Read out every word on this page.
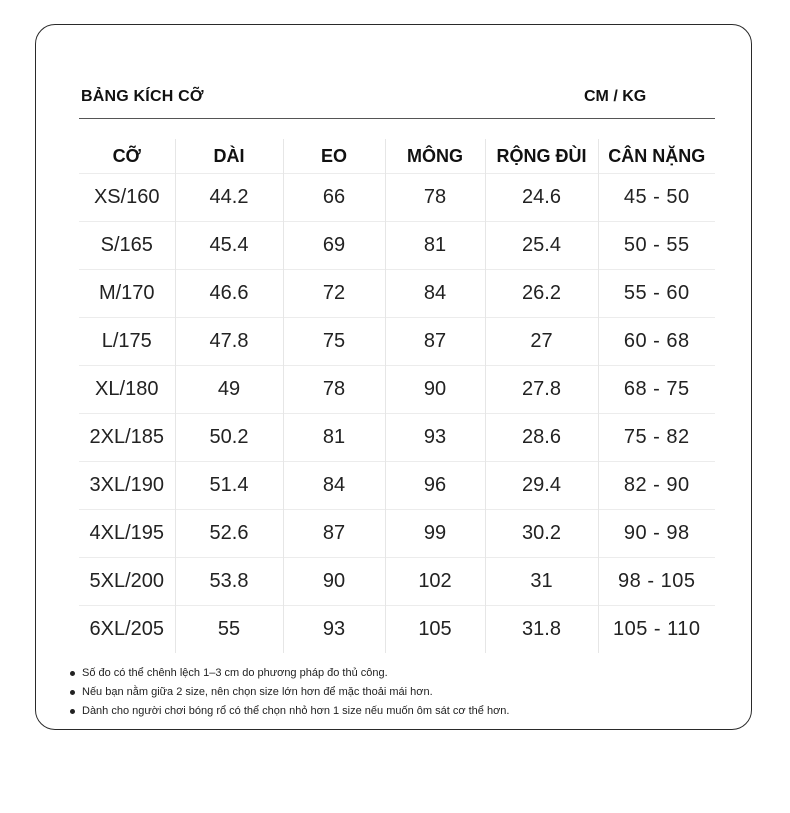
BẢNG KÍCH CỠ	CM / KG
CỠ	DÀI	EO	MÔNG	RỘNG ĐÙI	CÂN NẶNG
XS/160	44.2	66	78	24.6	45 - 50
S/165	45.4	69	81	25.4	50 - 55
M/170	46.6	72	84	26.2	55 - 60
L/175	47.8	75	87	27	60 - 68
XL/180	49	78	90	27.8	68 - 75
2XL/185	50.2	81	93	28.6	75 - 82
3XL/190	51.4	84	96	29.4	82 - 90
4XL/195	52.6	87	99	30.2	90 - 98
5XL/200	53.8	90	102	31	98 - 105
6XL/205	55	93	105	31.8	105 - 110
Số đo có thể chênh lệch 1–3 cm do phương pháp đo thủ công.
Nếu bạn nằm giữa 2 size, nên chọn size lớn hơn để mặc thoải mái hơn.
Dành cho người chơi bóng rổ có thể chọn nhỏ hơn 1 size nếu muốn ôm sát cơ thể hơn.
